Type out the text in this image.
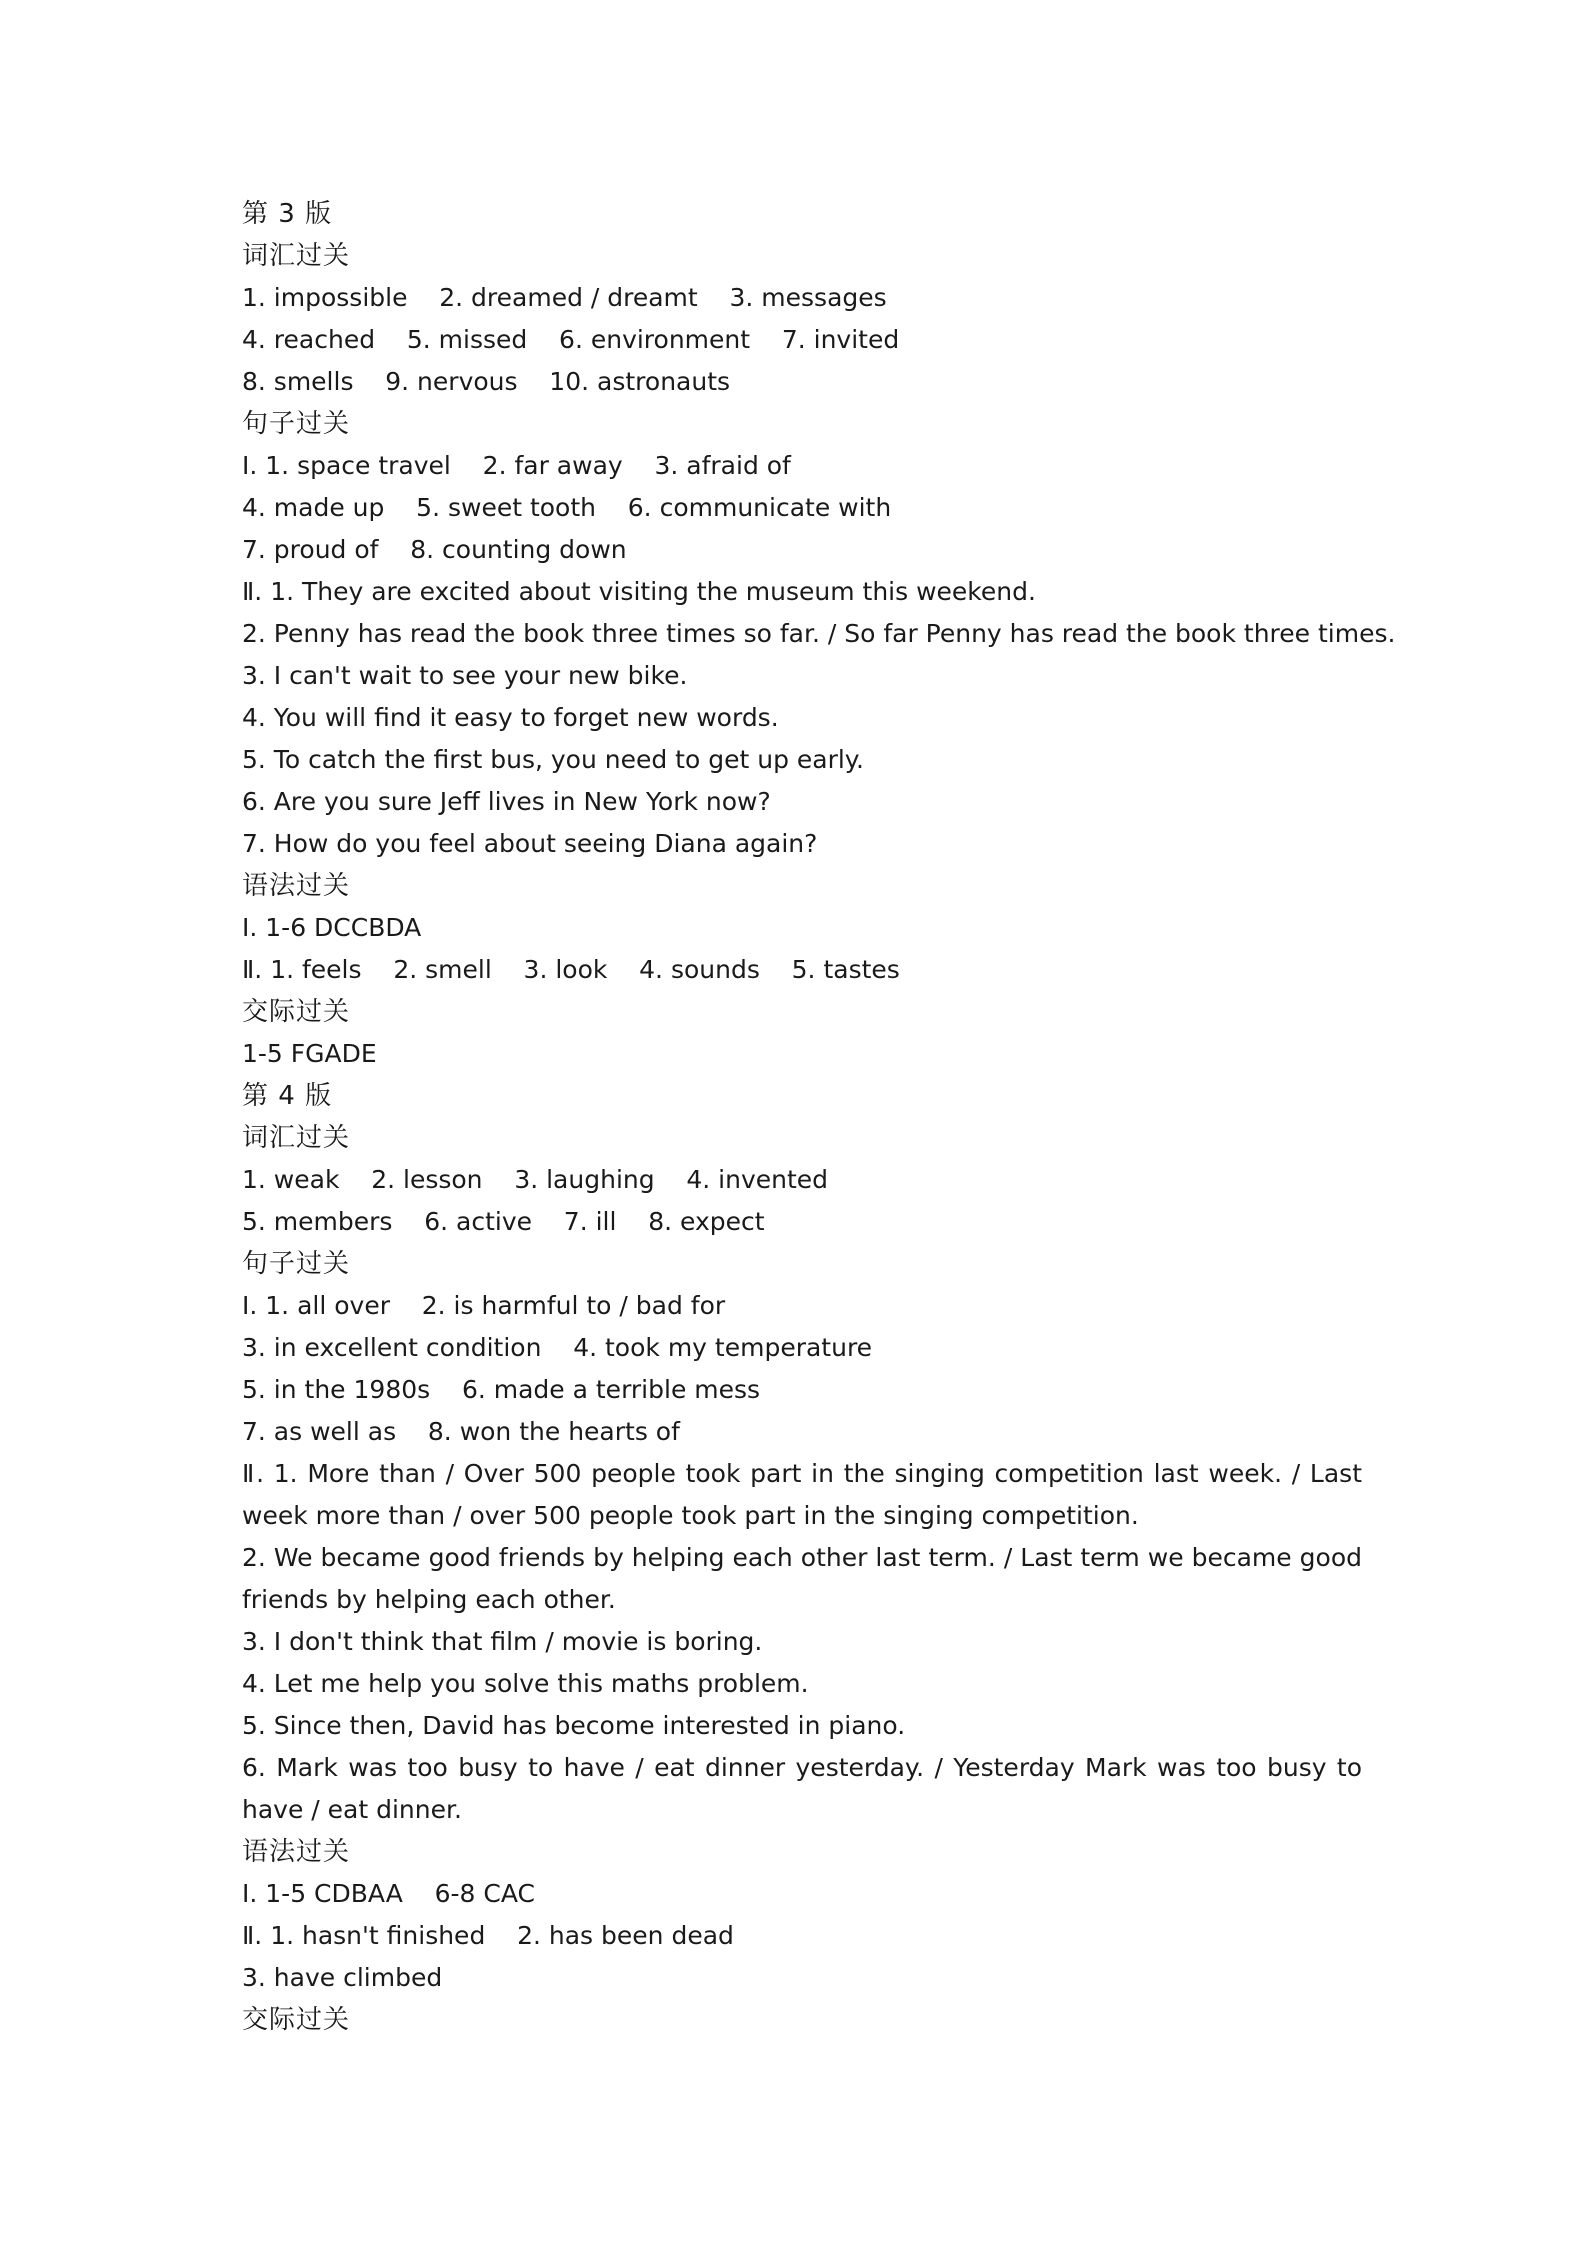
第 3 版
词汇过关
1. impossible    2. dreamed / dreamt    3. messages
4. reached    5. missed    6. environment    7. invited
8. smells    9. nervous    10. astronauts
句子过关
Ⅰ. 1. space travel    2. far away    3. afraid of
4. made up    5. sweet tooth    6. communicate with
7. proud of    8. counting down
Ⅱ. 1. They are excited about visiting the museum this weekend.
2. Penny has read the book three times so far. / So far Penny has read the book three times.
3. I can't wait to see your new bike.
4. You will find it easy to forget new words.
5. To catch the first bus, you need to get up early.
6. Are you sure Jeff lives in New York now?
7. How do you feel about seeing Diana again?
语法过关
Ⅰ. 1-6 DCCBDA
Ⅱ. 1. feels    2. smell    3. look    4. sounds    5. tastes
交际过关
1-5 FGADE
第 4 版
词汇过关
1. weak    2. lesson    3. laughing    4. invented
5. members    6. active    7. ill    8. expect
句子过关
Ⅰ. 1. all over    2. is harmful to / bad for
3. in excellent condition    4. took my temperature
5. in the 1980s    6. made a terrible mess
7. as well as    8. won the hearts of
Ⅱ. 1. More than / Over 500 people took part in the singing competition last week. / Last week more than / over 500 people took part in the singing competition.
2. We became good friends by helping each other last term. / Last term we became good friends by helping each other.
3. I don't think that film / movie is boring.
4. Let me help you solve this maths problem.
5. Since then, David has become interested in piano.
6. Mark was too busy to have / eat dinner yesterday. / Yesterday Mark was too busy to have / eat dinner.
语法过关
Ⅰ. 1-5 CDBAA    6-8 CAC
Ⅱ. 1. hasn't finished    2. has been dead
3. have climbed
交际过关
